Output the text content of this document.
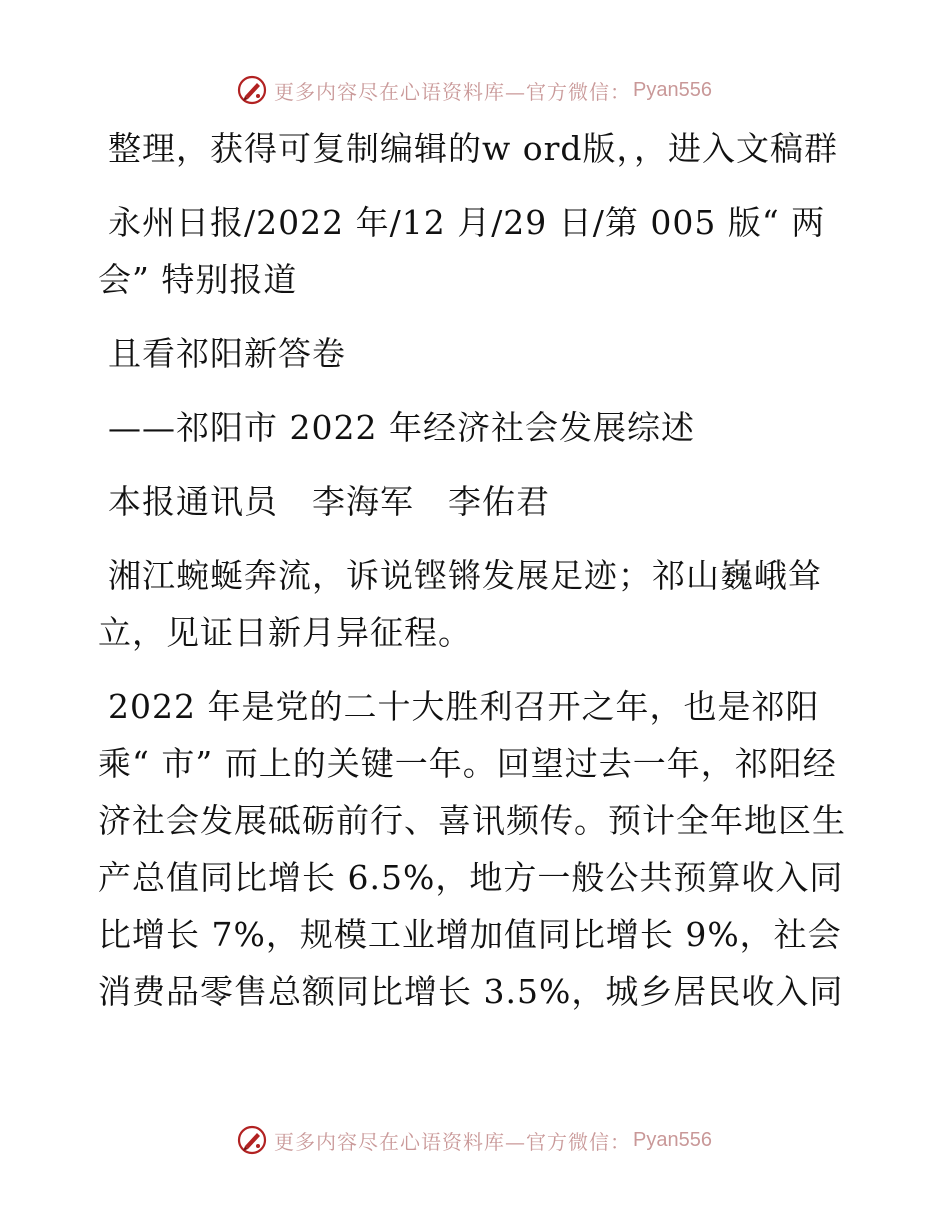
更多内容尽在心语资料库—官方微信： Pyan556

整理，获得可复制编辑的w ord版，，进入文稿群

永州日报/2022 年/12 月/29 日/第 005 版“ 两会” 特别报道

且看祁阳新答卷

——祁阳市 2022 年经济社会发展综述

本报通讯员　李海军　李佑君

湘江蜿蜒奔流，诉说铿锵发展足迹；祁山巍峨耸立，见证日新月异征程。

2022 年是党的二十大胜利召开之年，也是祁阳乘“ 市” 而上的关键一年。回望过去一年，祁阳经济社会发展砥砺前行、喜讯频传。预计全年地区生产总值同比增长 6.5%，地方一般公共预算收入同比增长 7%，规模工业增加值同比增长 9%，社会消费品零售总额同比增长 3.5%，城乡居民收入同

更多内容尽在心语资料库—官方微信： Pyan556
